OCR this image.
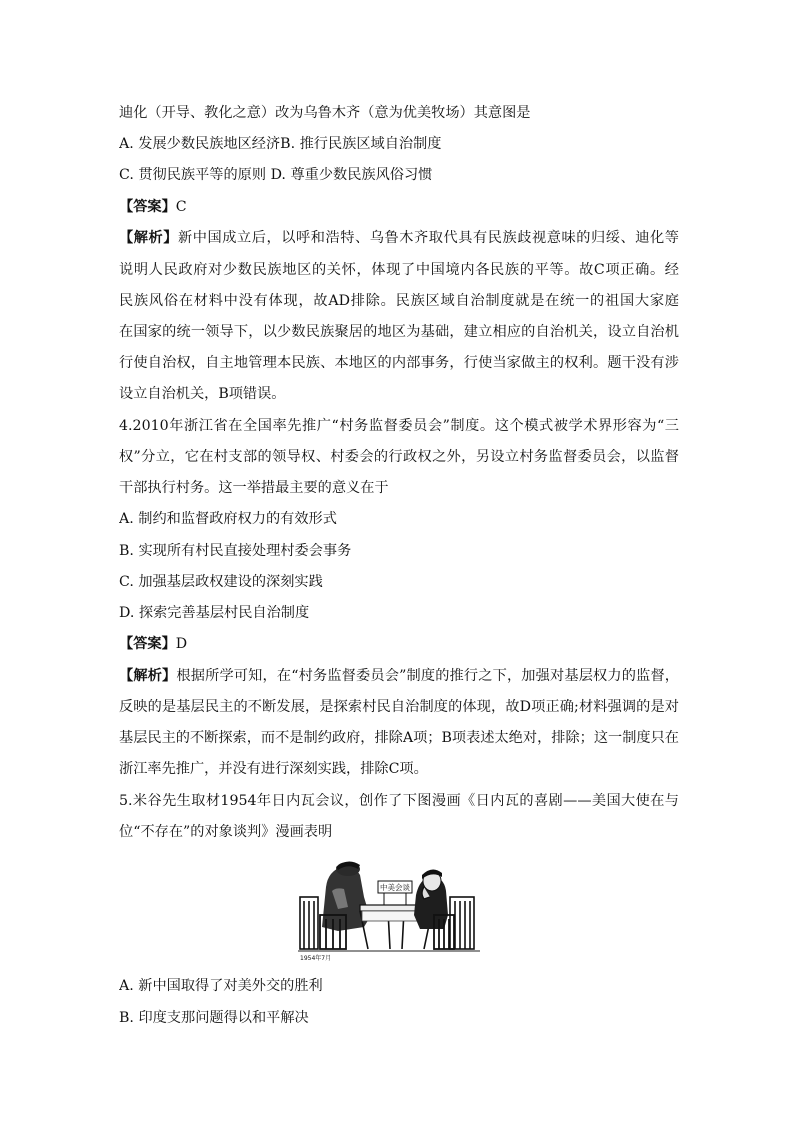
迪化（开导、教化之意）改为乌鲁木齐（意为优美牧场）其意图是
A. 发展少数民族地区经济B. 推行民族区域自治制度
C. 贯彻民族平等的原则 D. 尊重少数民族风俗习惯
【答案】C
【解析】新中国成立后，以呼和浩特、乌鲁木齐取代具有民族歧视意味的归绥、迪化等
说明人民政府对少数民族地区的关怀，体现了中国境内各民族的平等。故C项正确。经
民族风俗在材料中没有体现，故AD排除。民族区域自治制度就是在统一的祖国大家庭
在国家的统一领导下，以少数民族聚居的地区为基础，建立相应的自治机关，设立自治机
行使自治权，自主地管理本民族、本地区的内部事务，行使当家做主的权利。题干没有涉
设立自治机关，B项错误。
4.2010年浙江省在全国率先推广“村务监督委员会”制度。这个模式被学术界形容为“三
权”分立，它在村支部的领导权、村委会的行政权之外，另设立村务监督委员会，以监督
干部执行村务。这一举措最主要的意义在于
A. 制约和监督政府权力的有效形式
B. 实现所有村民直接处理村委会事务
C. 加强基层政权建设的深刻实践
D. 探索完善基层村民自治制度
【答案】D
【解析】根据所学可知，在“村务监督委员会”制度的推行之下，加强对基层权力的监督，
反映的是基层民主的不断发展，是探索村民自治制度的体现，故D项正确;材料强调的是对
基层民主的不断探索，而不是制约政府，排除A项；B项表述太绝对，排除；这一制度只在
浙江率先推广，并没有进行深刻实践，排除C项。
5.米谷先生取材1954年日内瓦会议，创作了下图漫画《日内瓦的喜剧——美国大使在与
位“不存在”的对象谈判》漫画表明
中美会谈
1954年7月
A. 新中国取得了对美外交的胜利
B. 印度支那问题得以和平解决
